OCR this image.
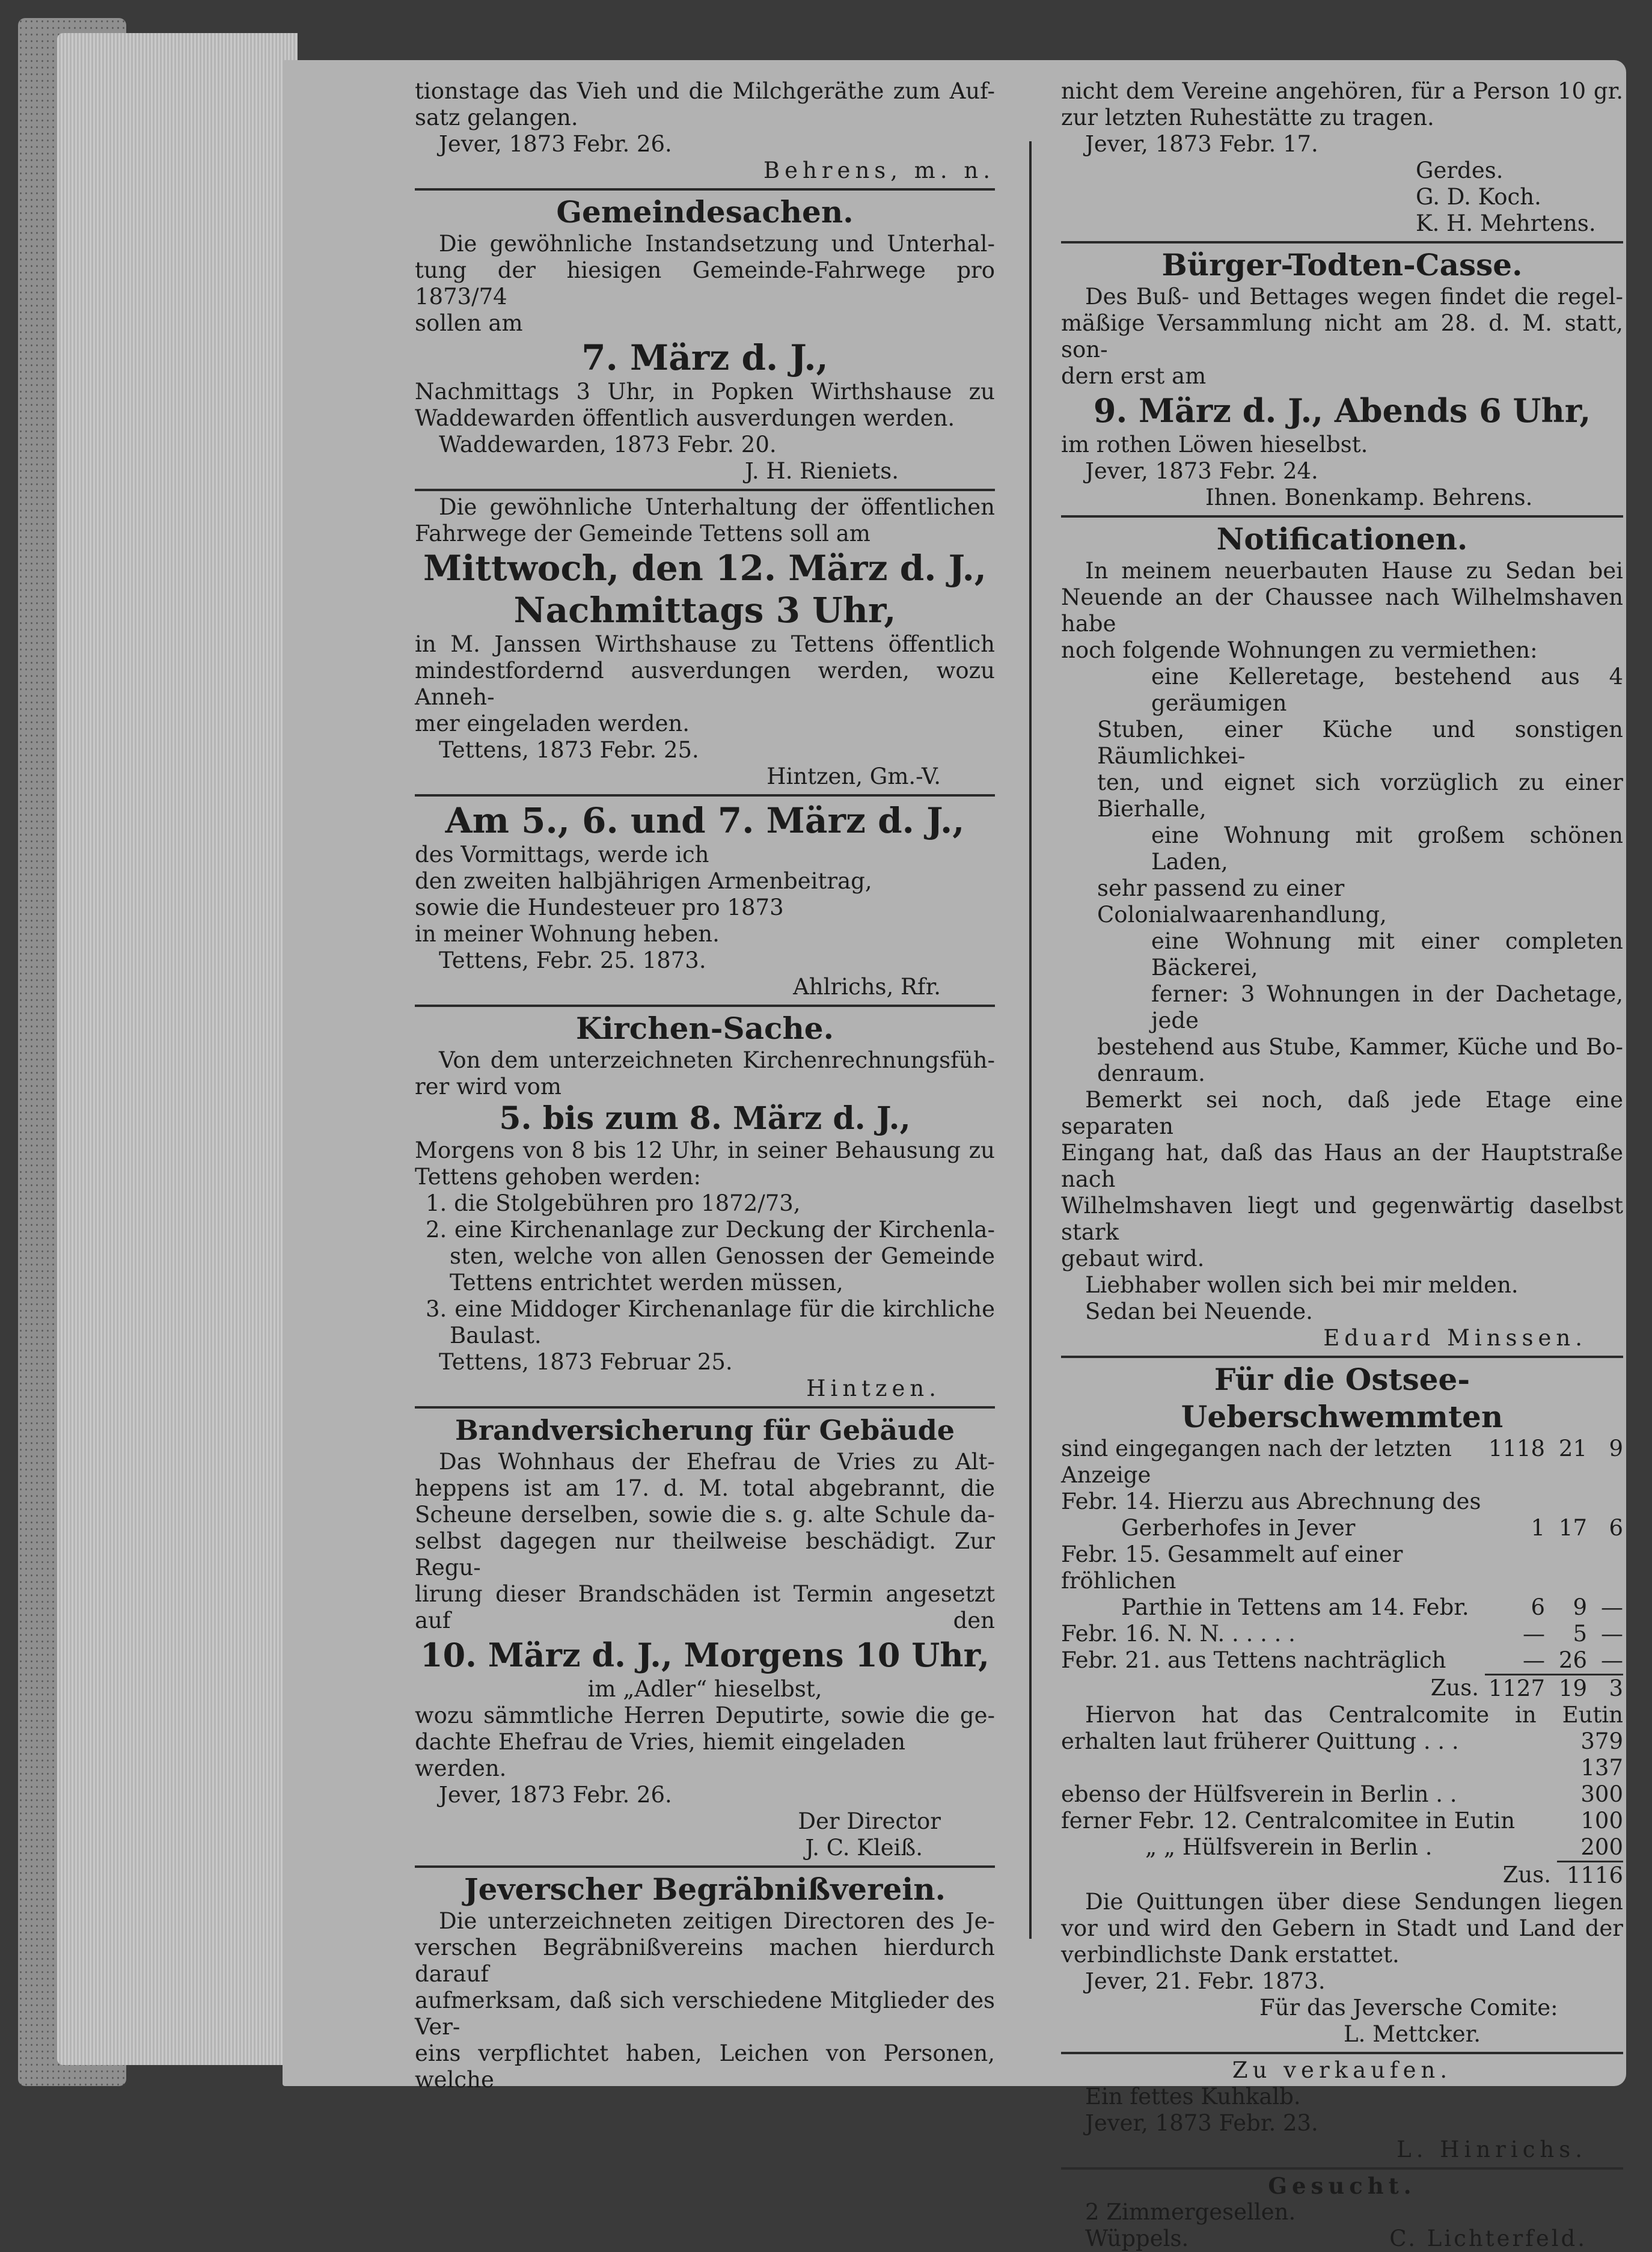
tionstage das Vieh und die Milchgeräthe zum Auf-

satz gelangen.

Jever, 1873 Febr. 26.

Behrens, m. n.

Gemeindesachen.

Die gewöhnliche Instandsetzung und Unterhal-

tung der hiesigen Gemeinde-Fahrwege pro 1873/74

sollen am

7. März d. J.,

Nachmittags 3 Uhr, in Popken Wirthshause zu

Waddewarden öffentlich ausverdungen werden.

Waddewarden, 1873 Febr. 20.

J. H. Rieniets.

Die gewöhnliche Unterhaltung der öffentlichen

Fahrwege der Gemeinde Tettens soll am

Mittwoch, den 12. März d. J.,

Nachmittags 3 Uhr,

in M. Janssen Wirthshause zu Tettens öffentlich

mindestfordernd ausverdungen werden, wozu Anneh-

mer eingeladen werden.

Tettens, 1873 Febr. 25.

Hintzen, Gm.-V.

Am 5., 6. und 7. März d. J.,

des Vormittags, werde ich

den zweiten halbjährigen Armenbeitrag,

sowie die Hundesteuer pro 1873

in meiner Wohnung heben.

Tettens, Febr. 25. 1873.

Ahlrichs, Rfr.

Kirchen-Sache.

Von dem unterzeichneten Kirchenrechnungsfüh-

rer wird vom

5. bis zum 8. März d. J.,

Morgens von 8 bis 12 Uhr, in seiner Behausung zu

Tettens gehoben werden:

1. die Stolgebühren pro 1872/73,

2. eine Kirchenanlage zur Deckung der Kirchenla-

sten, welche von allen Genossen der Gemeinde

Tettens entrichtet werden müssen,

3. eine Middoger Kirchenanlage für die kirchliche

Baulast.

Tettens, 1873 Februar 25.

Hintzen.

Brandversicherung für Gebäude

Das Wohnhaus der Ehefrau de Vries zu Alt-

heppens ist am 17. d. M. total abgebrannt, die

Scheune derselben, sowie die s. g. alte Schule da-

selbst dagegen nur theilweise beschädigt. Zur Regu-

lirung dieser Brandschäden ist Termin angesetzt auf den

10. März d. J., Morgens 10 Uhr,

im „Adler“ hieselbst,

wozu sämmtliche Herren Deputirte, sowie die ge-

dachte Ehefrau de Vries, hiemit eingeladen werden.

Jever, 1873 Febr. 26.

Der Director

J. C. Kleiß.

Jeverscher Begräbnißverein.

Die unterzeichneten zeitigen Directoren des Je-

verschen Begräbnißvereins machen hierdurch darauf

aufmerksam, daß sich verschiedene Mitglieder des Ver-

eins verpflichtet haben, Leichen von Personen, welche

nicht dem Vereine angehören, für a Person 10 gr.

zur letzten Ruhestätte zu tragen.

Jever, 1873 Febr. 17.

Gerdes.

G. D. Koch.

K. H. Mehrtens.

Bürger-Todten-Casse.

Des Buß- und Bettages wegen findet die regel-

mäßige Versammlung nicht am 28. d. M. statt, son-

dern erst am

9. März d. J., Abends 6 Uhr,

im rothen Löwen hieselbst.

Jever, 1873 Febr. 24.

Ihnen. Bonenkamp. Behrens.

Notificationen.

In meinem neuerbauten Hause zu Sedan bei

Neuende an der Chaussee nach Wilhelmshaven habe

noch folgende Wohnungen zu vermiethen:

eine Kelleretage, bestehend aus 4 geräumigen

Stuben, einer Küche und sonstigen Räumlichkei-

ten, und eignet sich vorzüglich zu einer Bierhalle,

eine Wohnung mit großem schönen Laden,

sehr passend zu einer Colonialwaarenhandlung,

eine Wohnung mit einer completen Bäckerei,

ferner: 3 Wohnungen in der Dachetage, jede

bestehend aus Stube, Kammer, Küche und Bo-

denraum.

Bemerkt sei noch, daß jede Etage eine separaten

Eingang hat, daß das Haus an der Hauptstraße nach

Wilhelmshaven liegt und gegenwärtig daselbst stark

gebaut wird.

Liebhaber wollen sich bei mir melden.

Sedan bei Neuende.

Eduard Minssen.

Für die Ostsee-Ueberschwemmten

sind eingegangen nach der letzten Anzeige	1118	21	9
Febr. 14. Hierzu aus Abrechnung des			
Gerberhofes in Jever	1	17	6
Febr. 15. Gesammelt auf einer fröhlichen			
Parthie in Tettens am 14. Febr.	6	9	—
Febr. 16. N. N. . . . . .	—	5	—
Febr. 21. aus Tettens nachträglich	—	26	—
Zus.	1127	19	3

Hiervon hat das Centralcomite in Eutin

erhalten laut früherer Quittung . . .	379
	137
ebenso der Hülfsverein in Berlin . .	300
ferner Febr. 12. Centralcomitee in Eutin	100
„ „ Hülfsverein in Berlin .	200
Zus.	1116

Die Quittungen über diese Sendungen liegen

vor und wird den Gebern in Stadt und Land der

verbindlichste Dank erstattet.

Jever, 21. Febr. 1873.

Für das Jeversche Comite:

L. Mettcker.

Zu verkaufen.

Ein fettes Kuhkalb.

Jever, 1873 Febr. 23.

L. Hinrichs.

Gesucht.

2 Zimmergesellen.

Wüppels.	C. Lichterfeld.
